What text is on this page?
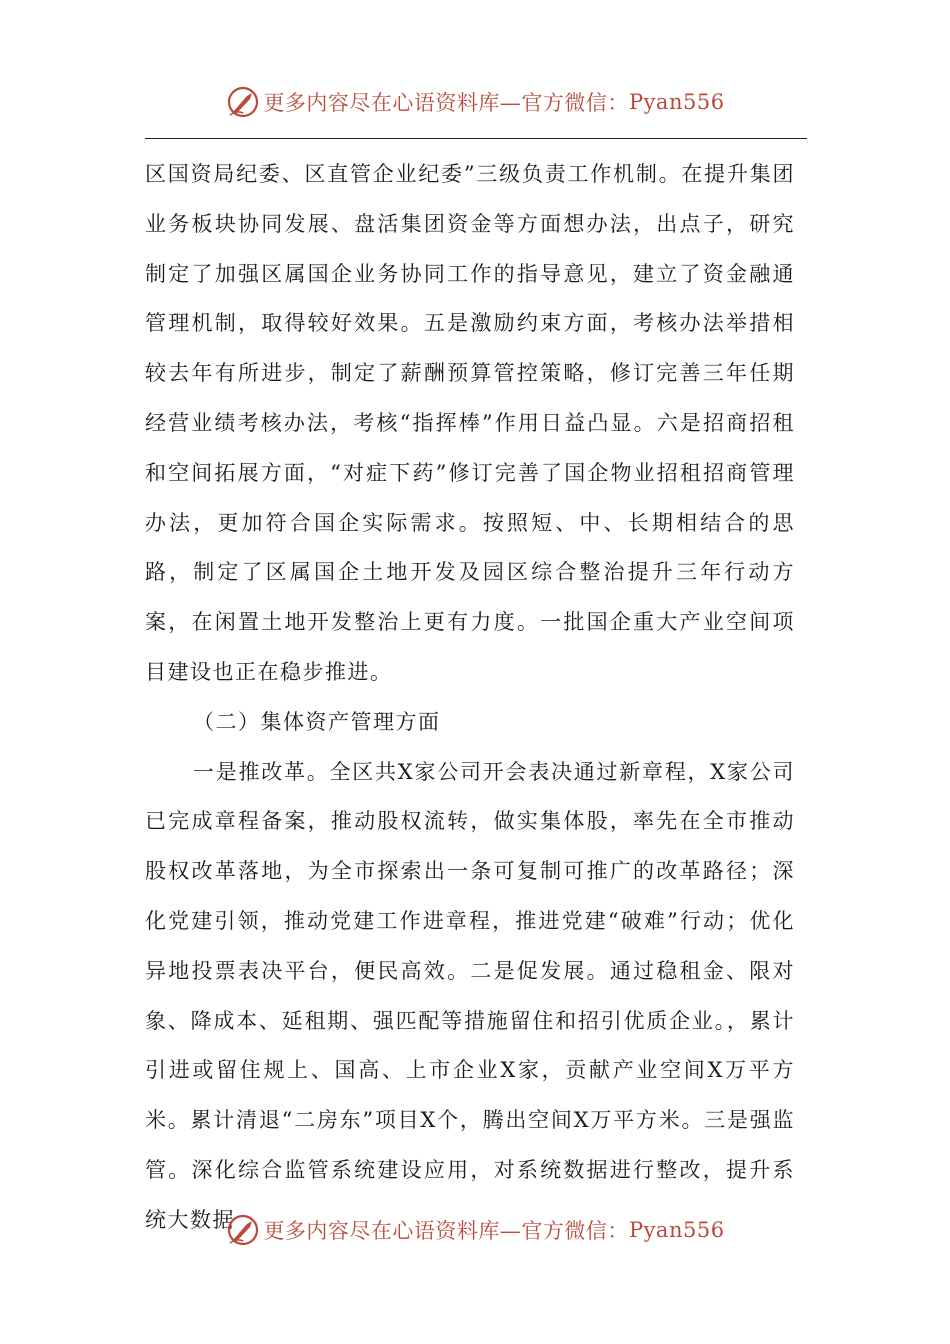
更多内容尽在心语资料库—官方微信： Pyan556

区国资局纪委、区直管企业纪委”三级负责工作机制。在提升集团业务板块协同发展、盘活集团资金等方面想办法，出点子，研究制定了加强区属国企业务协同工作的指导意见，建立了资金融通管理机制，取得较好效果。五是激励约束方面，考核办法举措相较去年有所进步，制定了薪酬预算管控策略，修订完善三年任期经营业绩考核办法，考核“指挥棒”作用日益凸显。六是招商招租和空间拓展方面，“对症下药”修订完善了国企物业招租招商管理办法，更加符合国企实际需求。按照短、中、长期相结合的思路，制定了区属国企土地开发及园区综合整治提升三年行动方案，在闲置土地开发整治上更有力度。一批国企重大产业空间项目建设也正在稳步推进。

（二）集体资产管理方面

一是推改革。全区共X家公司开会表决通过新章程，X家公司已完成章程备案，推动股权流转，做实集体股，率先在全市推动股权改革落地，为全市探索出一条可复制可推广的改革路径；深化党建引领，推动党建工作进章程，推进党建“破难”行动；优化异地投票表决平台，便民高效。二是促发展。通过稳租金、限对象、降成本、延租期、强匹配等措施留住和招引优质企业。，累计引进或留住规上、国高、上市企业X家，贡献产业空间X万平方米。累计清退“二房东”项目X个，腾出空间X万平方米。三是强监管。深化综合监管系统建设应用，对系统数据进行整改，提升系统大数据	更多内容尽在心语资料库—官方微信： Pyan556
